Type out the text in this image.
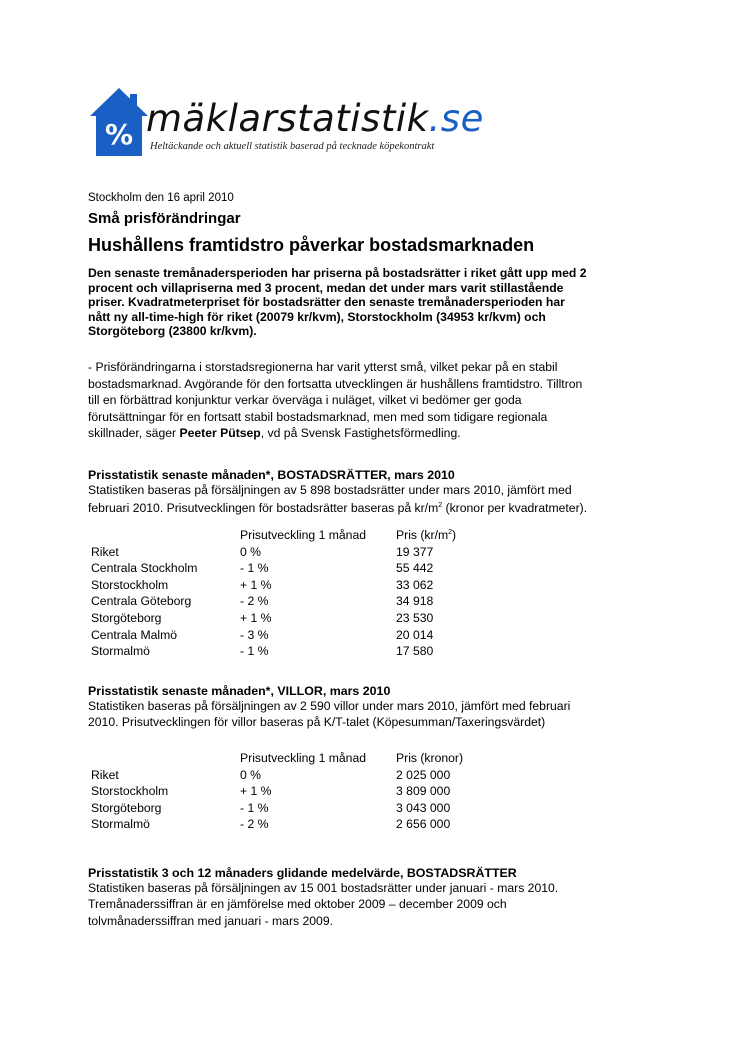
% mäklarstatistik.se
Heltäckande och aktuell statistik baserad på tecknade köpekontrakt
Stockholm den 16 april 2010
Små prisförändringar
Hushållens framtidstro påverkar bostadsmarknaden
Den senaste tremånadersperioden har priserna på bostadsrätter i riket gått upp med 2
procent och villapriserna med 3 procent, medan det under mars varit stillastående
priser. Kvadratmeterpriset för bostadsrätter den senaste tremånadersperioden har
nått ny all-time-high för riket (20079 kr/kvm), Storstockholm (34953 kr/kvm) och
Storgöteborg (23800 kr/kvm).
- Prisförändringarna i storstadsregionerna har varit ytterst små, vilket pekar på en stabil
bostadsmarknad. Avgörande för den fortsatta utvecklingen är hushållens framtidstro. Tilltron
till en förbättrad konjunktur verkar överväga i nuläget, vilket vi bedömer ger goda
förutsättningar för en fortsatt stabil bostadsmarknad, men med som tidigare regionala
skillnader, säger Peeter Pütsep, vd på Svensk Fastighetsförmedling.
Prisstatistik senaste månaden*, BOSTADSRÄTTER, mars 2010
Statistiken baseras på försäljningen av 5 898 bostadsrätter under mars 2010, jämfört med
februari 2010. Prisutvecklingen för bostadsrätter baseras på $kr/m^2$ (kronor per kvadratmeter).
Prisutveckling 1 månad Pris $(kr/m^2)$
Riket	0 %	19 377
Centrala Stockholm	- 1 %	55 442
Storstockholm	+ 1 %	33 062
Centrala Göteborg	- 2 %	34 918
Storgöteborg	+ 1 %	23 530
Centrala Malmö	- 3 %	20 014
Stormalmö	- 1 %	17 580
Prisstatistik senaste månaden*, VILLOR, mars 2010
Statistiken baseras på försäljningen av 2 590 villor under mars 2010, jämfört med februari
2010. Prisutvecklingen för villor baseras på K/T-talet (Köpesumman/Taxeringsvärdet)
Prisutveckling 1 månad Pris (kronor)
Riket	0 %	2 025 000
Storstockholm	+ 1 %	3 809 000
Storgöteborg	- 1 %	3 043 000
Stormalmö	- 2 %	2 656 000
Prisstatistik 3 och 12 månaders glidande medelvärde, BOSTADSRÄTTER
Statistiken baseras på försäljningen av 15 001 bostadsrätter under januari - mars 2010.
Tremånaderssiffran är en jämförelse med oktober 2009 – december 2009 och
tolvmånaderssiffran med januari - mars 2009.
